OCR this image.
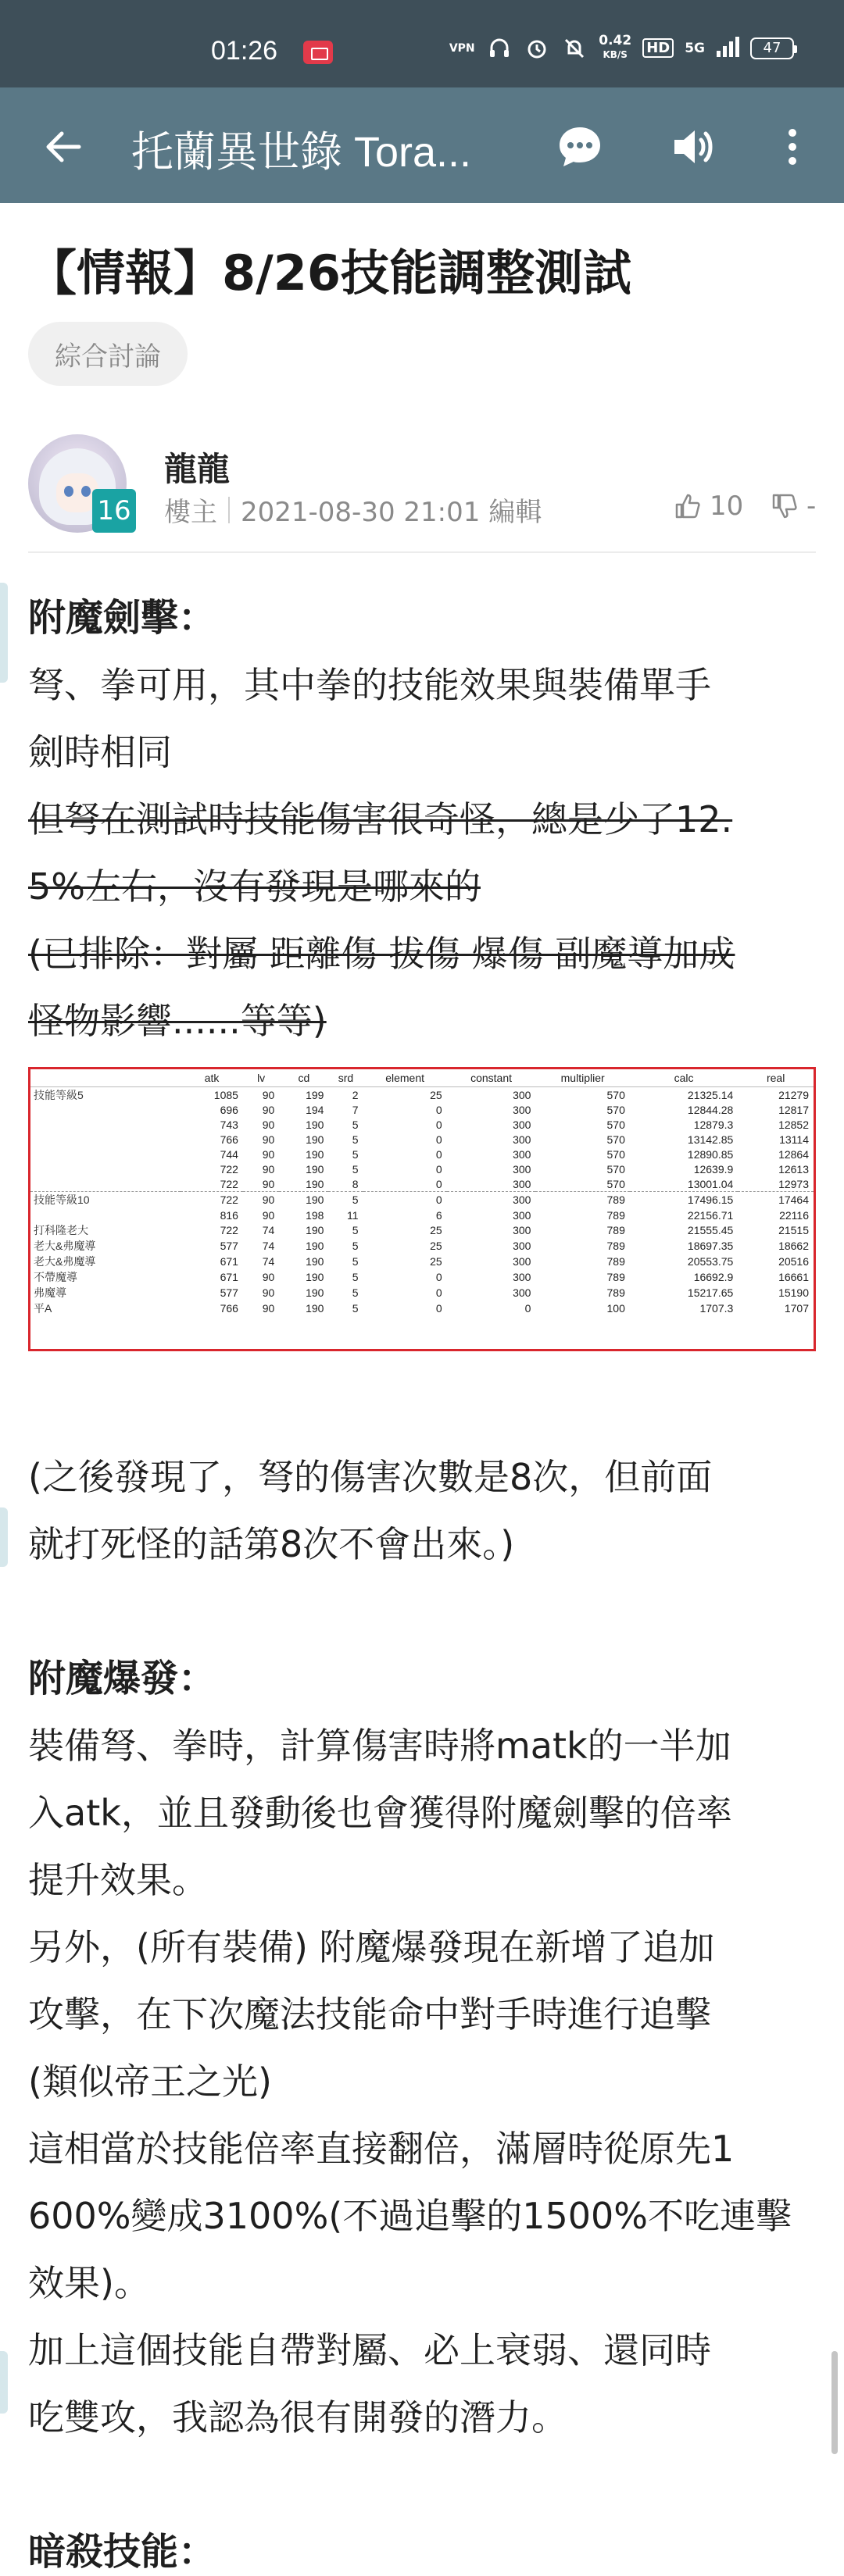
01:26	VPN	0.42
KB/S HD 5G	47
托蘭異世錄 Tora...
【情報】8/26技能調整測試
綜合討論
16
龍龍
樓主 2021-08-30 21:01 編輯	10 -

附魔劍擊：

弩、拳可用，其中拳的技能效果與裝備單手

劍時相同

但弩在測試時技能傷害很奇怪，總是少了12.

5%左右，沒有發現是哪來的

(已排除：對屬 距離傷 拔傷 爆傷 副魔導加成

怪物影響......等等)

	atk	lv	cd	srd	element	constant	multiplier	calc	real
技能等級5	1085	90	199	2	25	300	570	21325.14	21279
	696	90	194	7	0	300	570	12844.28	12817
	743	90	190	5	0	300	570	12879.3	12852
	766	90	190	5	0	300	570	13142.85	13114
	744	90	190	5	0	300	570	12890.85	12864
	722	90	190	5	0	300	570	12639.9	12613
	722	90	190	8	0	300	570	13001.04	12973
技能等級10	722	90	190	5	0	300	789	17496.15	17464
	816	90	198	11	6	300	789	22156.71	22116
打科隆老大	722	74	190	5	25	300	789	21555.45	21515
老大&弗魔導	577	74	190	5	25	300	789	18697.35	18662
老大&弗魔導	671	74	190	5	25	300	789	20553.75	20516
不帶魔導	671	90	190	5	0	300	789	16692.9	16661
弗魔導	577	90	190	5	0	300	789	15217.65	15190
平A	766	90	190	5	0	0	100	1707.3	1707

(之後發現了，弩的傷害次數是8次，但前面

就打死怪的話第8次不會出來。)

附魔爆發：

裝備弩、拳時，計算傷害時將matk的一半加

入atk，並且發動後也會獲得附魔劍擊的倍率

提升效果。

另外，(所有裝備) 附魔爆發現在新增了追加

攻擊，在下次魔法技能命中對手時進行追擊

(類似帝王之光)

這相當於技能倍率直接翻倍，滿層時從原先1

600%變成3100%(不過追擊的1500%不吃連擊

效果)。

加上這個技能自帶對屬、必上衰弱、還同時

吃雙攻，我認為很有開發的潛力。

暗殺技能：
